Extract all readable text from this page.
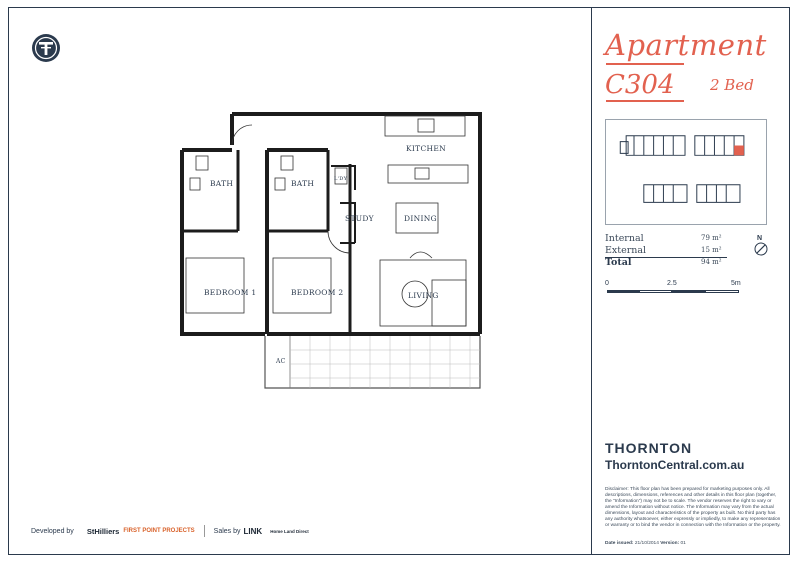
KITCHEN
BATH	BATH
STUDY	DINING
BEDROOM 1	BEDROOM 2	LIVING
AC
L'DY
Apartment
C304 2 Bed
Internal	79 m²
External	15 m²
Total	94 m²
N
0	2.5	5m
THORNTON
ThorntonCentral.com.au
Disclaimer: This floor plan has been prepared for marketing purposes only. All descriptions, dimensions, references and other details in this floor plan (together, the "Information") may not be to scale. The vendor reserves the right to vary or amend the Information without notice. The Information may vary from the actual dimensions, layout and characteristics of the property as built. No third party has any authority whatsoever, either expressly or impliedly, to make any representation or warranty or to bind the vendor in connection with the Information or the property.
Date issued: 21/10/2014 Version: 01
Developed by StHilliers FIRST POINT PROJECTS	Sales by LINK Home Land Direct
